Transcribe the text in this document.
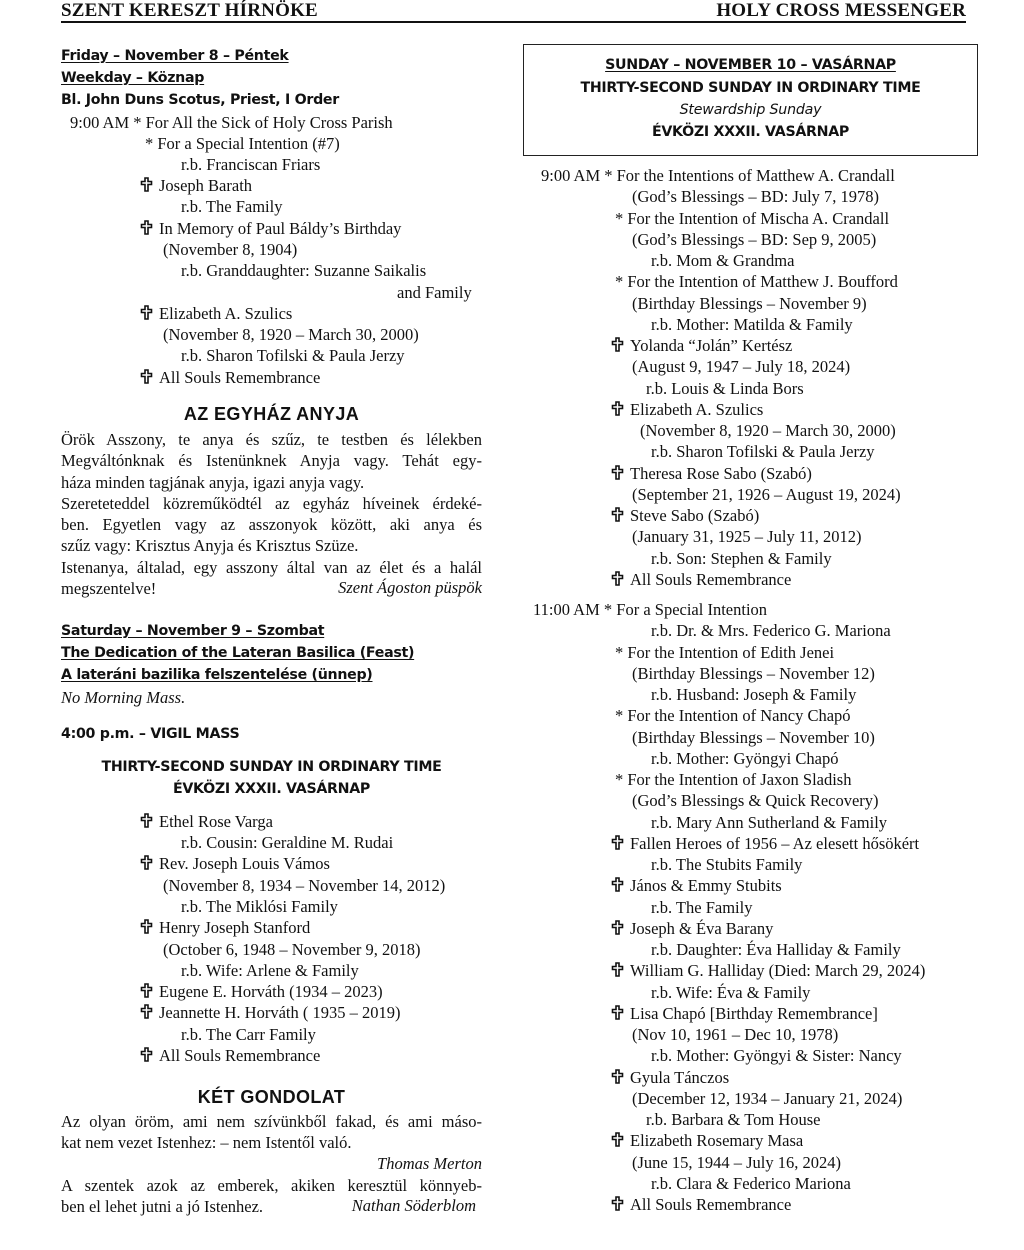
SZENT KERESZT HÍRNÖKE	HOLY CROSS MESSENGER
Friday – November 8 – Péntek
Weekday – Köznap
Bl. John Duns Scotus, Priest, I Order
9:00 AM * For All the Sick of Holy Cross Parish
* For a Special Intention (#7)
r.b. Franciscan Friars
Joseph Barath
r.b. The Family
In Memory of Paul Báldy’s Birthday
(November 8, 1904)
r.b. Granddaughter: Suzanne Saikalis
and Family
Elizabeth A. Szulics
(November 8, 1920 – March 30, 2000)
r.b. Sharon Tofilski & Paula Jerzy
All Souls Remembrance
AZ EGYHÁZ ANYJA
Örök Asszony, te anya és szűz, te testben és lélekben
Megváltónknak és Istenünknek Anyja vagy. Tehát egy-
háza minden tagjának anyja, igazi anyja vagy.
Szereteteddel közreműködtél az egyház híveinek érdeké-
ben. Egyetlen vagy az asszonyok között, aki anya és
szűz vagy: Krisztus Anyja és Krisztus Szüze.
Istenanya, általad, egy asszony által van az élet és a halál
megszentelve!	Szent Ágoston püspök
Saturday – November 9 – Szombat
The Dedication of the Lateran Basilica (Feast)
A lateráni bazilika felszentelése (ünnep)
No Morning Mass.
4:00 p.m. – VIGIL MASS
THIRTY-SECOND SUNDAY IN ORDINARY TIME
ÉVKÖZI XXXII. VASÁRNAP
Ethel Rose Varga
r.b. Cousin: Geraldine M. Rudai
Rev. Joseph Louis Vámos
(November 8, 1934 – November 14, 2012)
r.b. The Miklósi Family
Henry Joseph Stanford
(October 6, 1948 – November 9, 2018)
r.b. Wife: Arlene & Family
Eugene E. Horváth (1934 – 2023)
Jeannette H. Horváth ( 1935 – 2019)
r.b. The Carr Family
All Souls Remembrance
KÉT GONDOLAT
Az olyan öröm, ami nem szívünkből fakad, és ami máso-
kat nem vezet Istenhez: – nem Istentől való.
Thomas Merton
A szentek azok az emberek, akiken keresztül könnyeb-
ben el lehet jutni a jó Istenhez.	Nathan Söderblom
SUNDAY – NOVEMBER 10 – VASÁRNAP
THIRTY-SECOND SUNDAY IN ORDINARY TIME
Stewardship Sunday
ÉVKÖZI XXXII. VASÁRNAP
9:00 AM * For the Intentions of Matthew A. Crandall
(God’s Blessings – BD: July 7, 1978)
* For the Intention of Mischa A. Crandall
(God’s Blessings – BD: Sep 9, 2005)
r.b. Mom & Grandma
* For the Intention of Matthew J. Boufford
(Birthday Blessings – November 9)
r.b. Mother: Matilda & Family
Yolanda “Jolán” Kertész
(August 9, 1947 – July 18, 2024)
r.b. Louis & Linda Bors
Elizabeth A. Szulics
(November 8, 1920 – March 30, 2000)
r.b. Sharon Tofilski & Paula Jerzy
Theresa Rose Sabo (Szabó)
(September 21, 1926 – August 19, 2024)
Steve Sabo (Szabó)
(January 31, 1925 – July 11, 2012)
r.b. Son: Stephen & Family
All Souls Remembrance
11:00 AM * For a Special Intention
r.b. Dr. & Mrs. Federico G. Mariona
* For the Intention of Edith Jenei
(Birthday Blessings – November 12)
r.b. Husband: Joseph & Family
* For the Intention of Nancy Chapó
(Birthday Blessings – November 10)
r.b. Mother: Gyöngyi Chapó
* For the Intention of Jaxon Sladish
(God’s Blessings & Quick Recovery)
r.b. Mary Ann Sutherland & Family
Fallen Heroes of 1956 – Az elesett hősökért
r.b. The Stubits Family
János & Emmy Stubits
r.b. The Family
Joseph & Éva Barany
r.b. Daughter: Éva Halliday & Family
William G. Halliday (Died: March 29, 2024)
r.b. Wife: Éva & Family
Lisa Chapó [Birthday Remembrance]
(Nov 10, 1961 – Dec 10, 1978)
r.b. Mother: Gyöngyi & Sister: Nancy
Gyula Tánczos
(December 12, 1934 – January 21, 2024)
r.b. Barbara & Tom House
Elizabeth Rosemary Masa
(June 15, 1944 – July 16, 2024)
r.b. Clara & Federico Mariona
All Souls Remembrance
